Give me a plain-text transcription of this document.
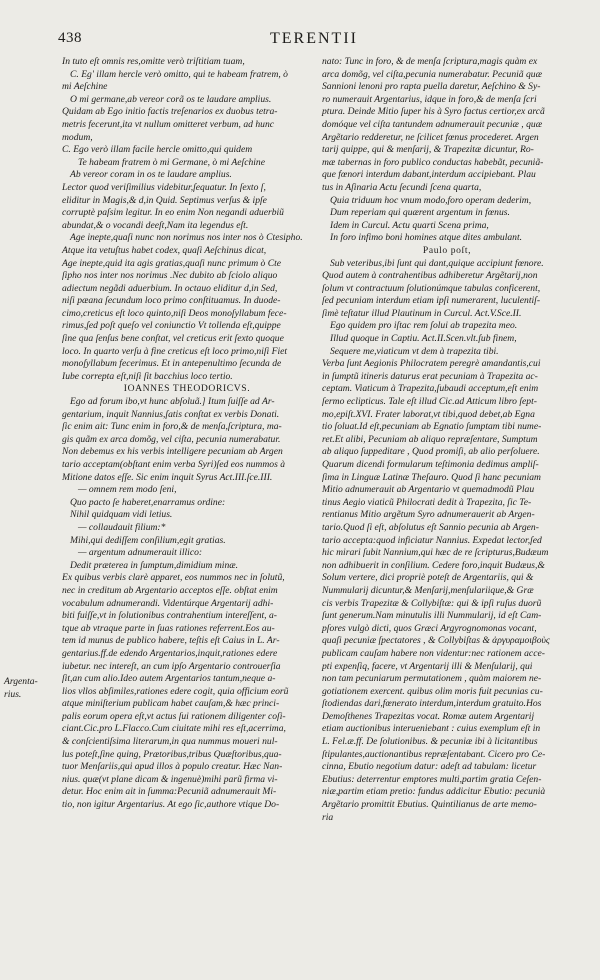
438	TERENTII
Argenta-
rius.

In tuto eſt omnis res,omitte verò triſtitiam tuam,

C. Eg' illam hercle verò omitto, qui te habeam fratrem, ò

mi Aeſchine

O mi germane,ab vereor corã os te laudare amplius.

Quidam ab Ego initio factis treſenarios ex duobus tetra-

metris fecerunt,ita vt nullum omitteret verbum, ad hunc

modum,

C. Ego verò illam facile hercle omitto,qui quidem

Te habeam fratrem ò mi Germane, ò mi Aeſchine

Ab vereor coram in os te laudare amplius.

Lector quod veriſimilius videbitur,ſequatur. In ſexto ſ,

eliditur in Magis,& d,in Quid. Septimus verſus & ipſe

corruptè paſsim legitur. In eo enim Non negandi aduerbiũ

abundat,& o vocandi deeſt,Nam ita legendus eſt.

Age inepte,quaſi nunc non norimus nos inter nos ò Ctesipho.

Atque ita vetuſtus habet codex, quaſi Aeſchinus dicat,

Age inepte,quid ita agis gratias,quaſi nunc primum ò Cte

ſipho nos inter nos norimus .Nec dubito ab ſciolo aliquo

adiectum negãdi aduerbium. In octauo eliditur d,in Sed,

niſi pæana ſecundum loco primo conſtituamus. In duode-

cimo,creticus eſt loco quinto,niſi Deos monoſyllabum fece-

rimus,ſed poſt queſo vel coniunctio Vt tollenda eſt,quippe

ſine qua ſenſus bene conſtat, vel creticus erit ſexto quoque

loco. In quarto verſu à fine creticus eſt loco primo,niſi Fiet

monoſyllabum fecerimus. Et in antepenultimo ſecunda de

Iube correpta eſt,niſi ſit bacchius loco tertio.

IOANNES THEODORICVS.

Ego ad forum ibo,vt hunc abſoluã.] Itum ſuiſſe ad Ar-

gentarium, inquit Nannius,ſatis conſtat ex verbis Donati.

ſic enim ait: Tunc enim in foro,& de menſa,ſcriptura, ma-

gis quãm ex arca domõg, vel ciſta, pecunia numerabatur.

Non debemus ex his verbis intelligere pecuniam ab Argen

tario acceptam(obſtant enim verba Syri)ſed eos nummos à

Mitione datos eſſe. Sic enim inquit Syrus Act.III.ſce.III.

— omnem rem modo ſeni,

Quo pacto ſe haberet,enarramus ordine:

Nihil quidquam vidi letius.

— collaudauit filium:*

Mihi,qui dediſſem conſilium,egit gratias.

— argentum adnumerauit illico:

Dedit præterea in ſumptum,dimidium minæ.

Ex quibus verbis clarè apparet, eos nummos nec in ſolutũ,

nec in creditum ab Argentario acceptos eſſe. obſtat enim

vocabulum adnumerandi. Videntúrque Argentarij adhi-

biti fuiſſe,vt in ſolutionibus contrahentium intereſſent, a-

tque ab vtraque parte in ſuas rationes referrent.Eos au-

tem id munus de publico habere, teſtis eſt Caius in L. Ar-

gentarius.ff.de edendo Argentarios,inquit,rationes edere

iubetur. nec intereſt, an cum ipſo Argentario controuerſia

ſit,an cum alio.Ideo autem Argentarios tantum,neque a-

lios vllos abſimiles,rationes edere cogit, quia officium eorũ

atque miniſterium publicam habet cauſam,& hæc princi-

palis eorum opera eſt,vt actus ſui rationem diligenter coſi-

ciant.Cic.pro L.Flacco.Cum ciuitate mihi res eſt,acerrima,

& conſcientiſsima literarum,in qua nummus moueri nul-

lus poteſt,ſine quing, Prætoribus,tribus Quæſtoribus,qua-

tuor Menſariis,qui apud illos à populo creatur. Hæc Nan-

nius. quæ(vt plane dicam & ingenuè)mihi parũ firma vi-

detur. Hoc enim ait in ſumma:Pecuniã adnumerauit Mi-

tio, non igitur Argentarius. At ego ſic,authore vtique Do-

nato: Tunc in foro, & de menſa ſcriptura,magis quàm ex

arca domõg, vel ciſta,pecunia numerabatur. Pecuniã quæ

Sannioni lenoni pro rapta puella daretur, Aeſchino & Sy-

ro numerauit Argentarius, idque in foro,& de menſa ſcri

ptura. Deinde Mitio ſuper his à Syro factus certior,ex arcã

domóque vel ciſta tantundem adnumerauit pecuniæ , quæ

Argẽtario redderetur, ne ſcilicet fœnus procederet. Argen

tarij quippe, qui & menſarij, & Trapezitæ dicuntur, Ro-

mæ tabernas in foro publico conductas habebãt, pecuniã-

que fœnori interdum dabant,interdum accipiebant. Plau

tus in Aſinaria Actu ſecundi ſcena quarta,

Quia triduum hoc vnum modo,foro operam dederim,

Dum reperiam qui quærent argentum in fœnus.

Idem in Curcul. Actu quarti Scena prima,

In foro infimo boni homines atque dites ambulant.

Paulo poſt,

Sub veteribus,ibi ſunt qui dant,quique accipiunt fœnore.

Quod autem à contrahentibus adhiberetur Argẽtarij,non

ſolum vt contractuum ſolutionúmque tabulas conficerent,

ſed pecuniam interdum etiam ipſi numerarent, luculentiſ-

ſimè teſtatur illud Plautinum in Curcul. Act.V.Sce.II.

Ego quidem pro iſtac rem ſolui ab trapezita meo.

Illud quoque in Captiu. Act.II.Scen.vlt.ſub finem,

Sequere me,viaticum vt dem à trapezita tibi.

Verba ſunt Aegionis Philocratem peregrè amandantis,cui

in ſumptũ itineris daturus erat pecuniam à Trapezita ac-

ceptam. Viaticum à Trapezita,ſubaudi acceptum,eſt enim

ſermo eclipticus. Tale eſt illud Cic.ad Atticum libro ſept-

mo,epiſt.XVI. Frater laborat,vt tibi,quod debet,ab Egna

tio ſoluat.Id eſt,pecuniam ab Egnatio ſumptam tibi nume-

ret.Et alibi, Pecuniam ab aliquo repræſentare, Sumptum

ab aliquo ſuppeditare , Quod promiſi, ab alio perſoluere.

Quarum dicendi formularum teſtimonia dedimus ampliſ-

ſima in Linguæ Latinæ Theſauro. Quod ſi hanc pecuniam

Mitio adnumerauit ab Argentario vt quemadmodũ Plau

tinus Aegio viaticũ Philocrati dedit à Trapezita, ſic Te-

rentianus Mitio argẽtum Syro adnumerauerit ab Argen-

tario.Quod ſi eſt, abſolutus eſt Sannio pecunia ab Argen-

tario accepta:quod inficiatur Nannius. Expedat lector,ſed

hic mirari ſubit Nannium,qui hæc de re ſcripturus,Budæum

non adhibuerit in conſilium. Cedere foro,inquit Budæus,&

Solum vertere, dici propriè poteſt de Argentariis, qui &

Nummularij dicuntur,& Menſarij,menſulariique,& Græ

cis verbis Trapezitæ & Collybiſtæ: qui & ipſi ruſus duorũ

ſunt generum.Nam minutulis illi Nummularij, id eſt Cam-

pſores vulgò dicti, quos Græci Argyrognomonas vocant,

quaſi pecuniæ ſpectatores , & Collybiſtas & ἀργυραμοιβοὺς

publicam cauſam habere non videntur:nec rationem acce-

pti expenſiq, facere, vt Argentarij illi & Menſularij, qui

non tam pecuniarum permutationem , quàm maiorem ne-

gotiationem exercent. quibus olim moris fuit pecunias cu-

ſtodiendas dari,fœnerato interdum,interdum gratuito.Hos

Demoſthenes Trapezitas vocat. Romæ autem Argentarij

etiam auctionibus interueniebant : cuius exemplum eſt in

L. Fel.æ.ff. De ſolutionibus. & pecuniæ ibi à licitantibus

ſtipulantes,auctionantibus repræſentabant. Cicero pro Ce-

cinna, Ebutio negotium datur: adeſt ad tabulam: licetur

Ebutius: deterrentur emptores multi,partim gratia Ceſen-

niæ,partim etiam pretio: fundus addicitur Ebutio: pecunià

Argẽtario promittit Ebutius. Quintilianus de arte memo-

ria
